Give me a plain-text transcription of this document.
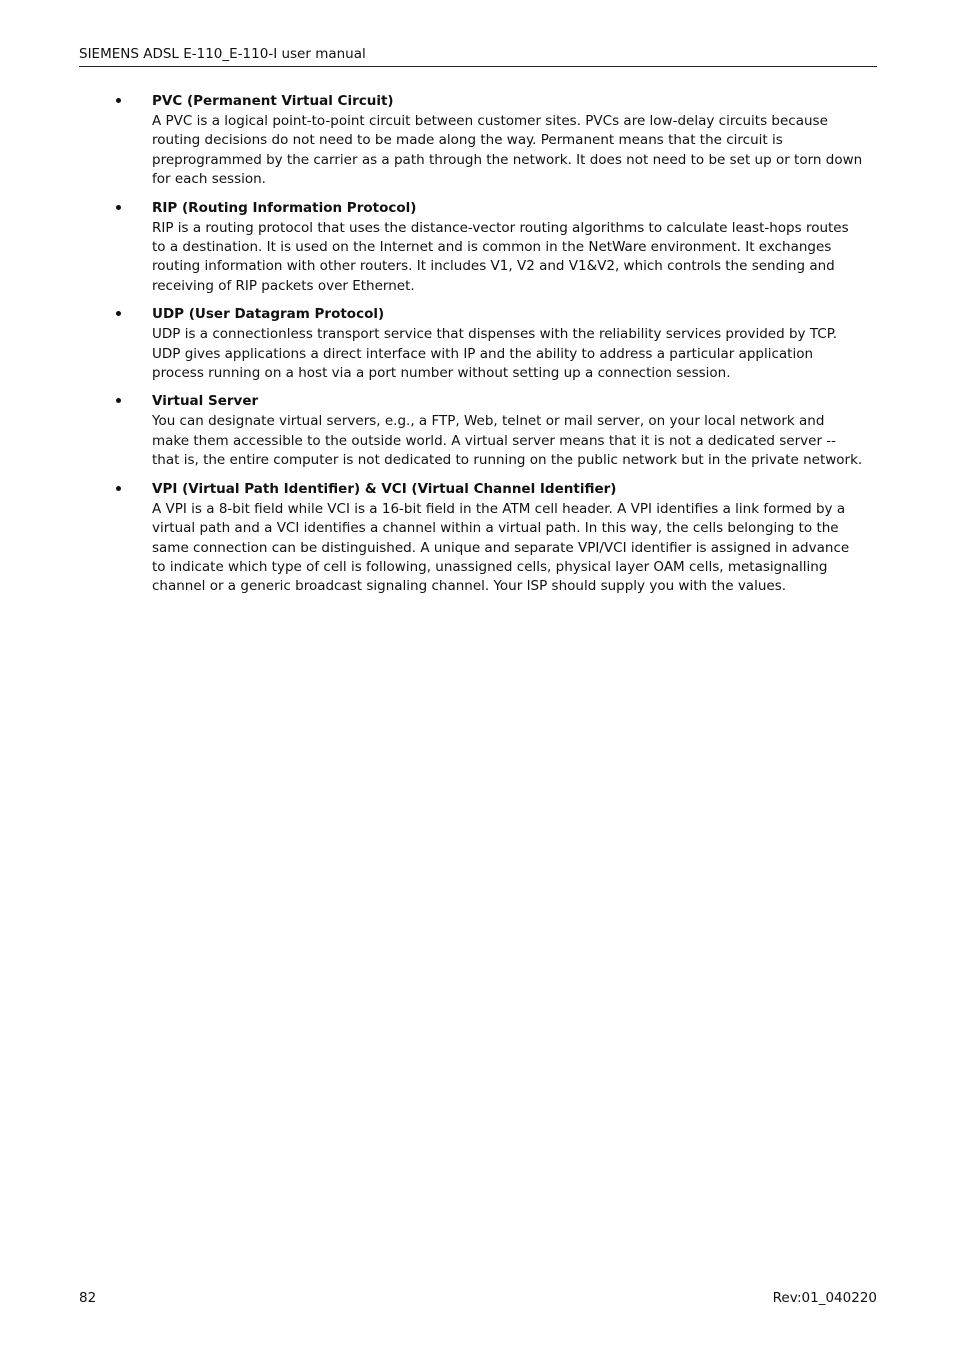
SIEMENS ADSL E-110_E-110-I user manual
PVC (Permanent Virtual Circuit)

A PVC is a logical point-to-point circuit between customer sites. PVCs are low-delay circuits because routing decisions do not need to be made along the way. Permanent means that the circuit is preprogrammed by the carrier as a path through the network. It does not need to be set up or torn down for each session.

RIP (Routing Information Protocol)

RIP is a routing protocol that uses the distance-vector routing algorithms to calculate least-hops routes to a destination. It is used on the Internet and is common in the NetWare environment. It exchanges routing information with other routers. It includes V1, V2 and V1&V2, which controls the sending and receiving of RIP packets over Ethernet.

UDP (User Datagram Protocol)

UDP is a connectionless transport service that dispenses with the reliability services provided by TCP. UDP gives applications a direct interface with IP and the ability to address a particular application process running on a host via a port number without setting up a connection session.

Virtual Server

You can designate virtual servers, e.g., a FTP, Web, telnet or mail server, on your local network and make them accessible to the outside world. A virtual server means that it is not a dedicated server -- that is, the entire computer is not dedicated to running on the public network but in the private network.

VPI (Virtual Path Identifier) & VCI (Virtual Channel Identifier)

A VPI is a 8-bit field while VCI is a 16-bit field in the ATM cell header. A VPI identifies a link formed by a virtual path and a VCI identifies a channel within a virtual path. In this way, the cells belonging to the same connection can be distinguished. A unique and separate VPI/VCI identifier is assigned in advance to indicate which type of cell is following, unassigned cells, physical layer OAM cells, metasignalling channel or a generic broadcast signaling channel. Your ISP should supply you with the values.

82	Rev:01_040220
